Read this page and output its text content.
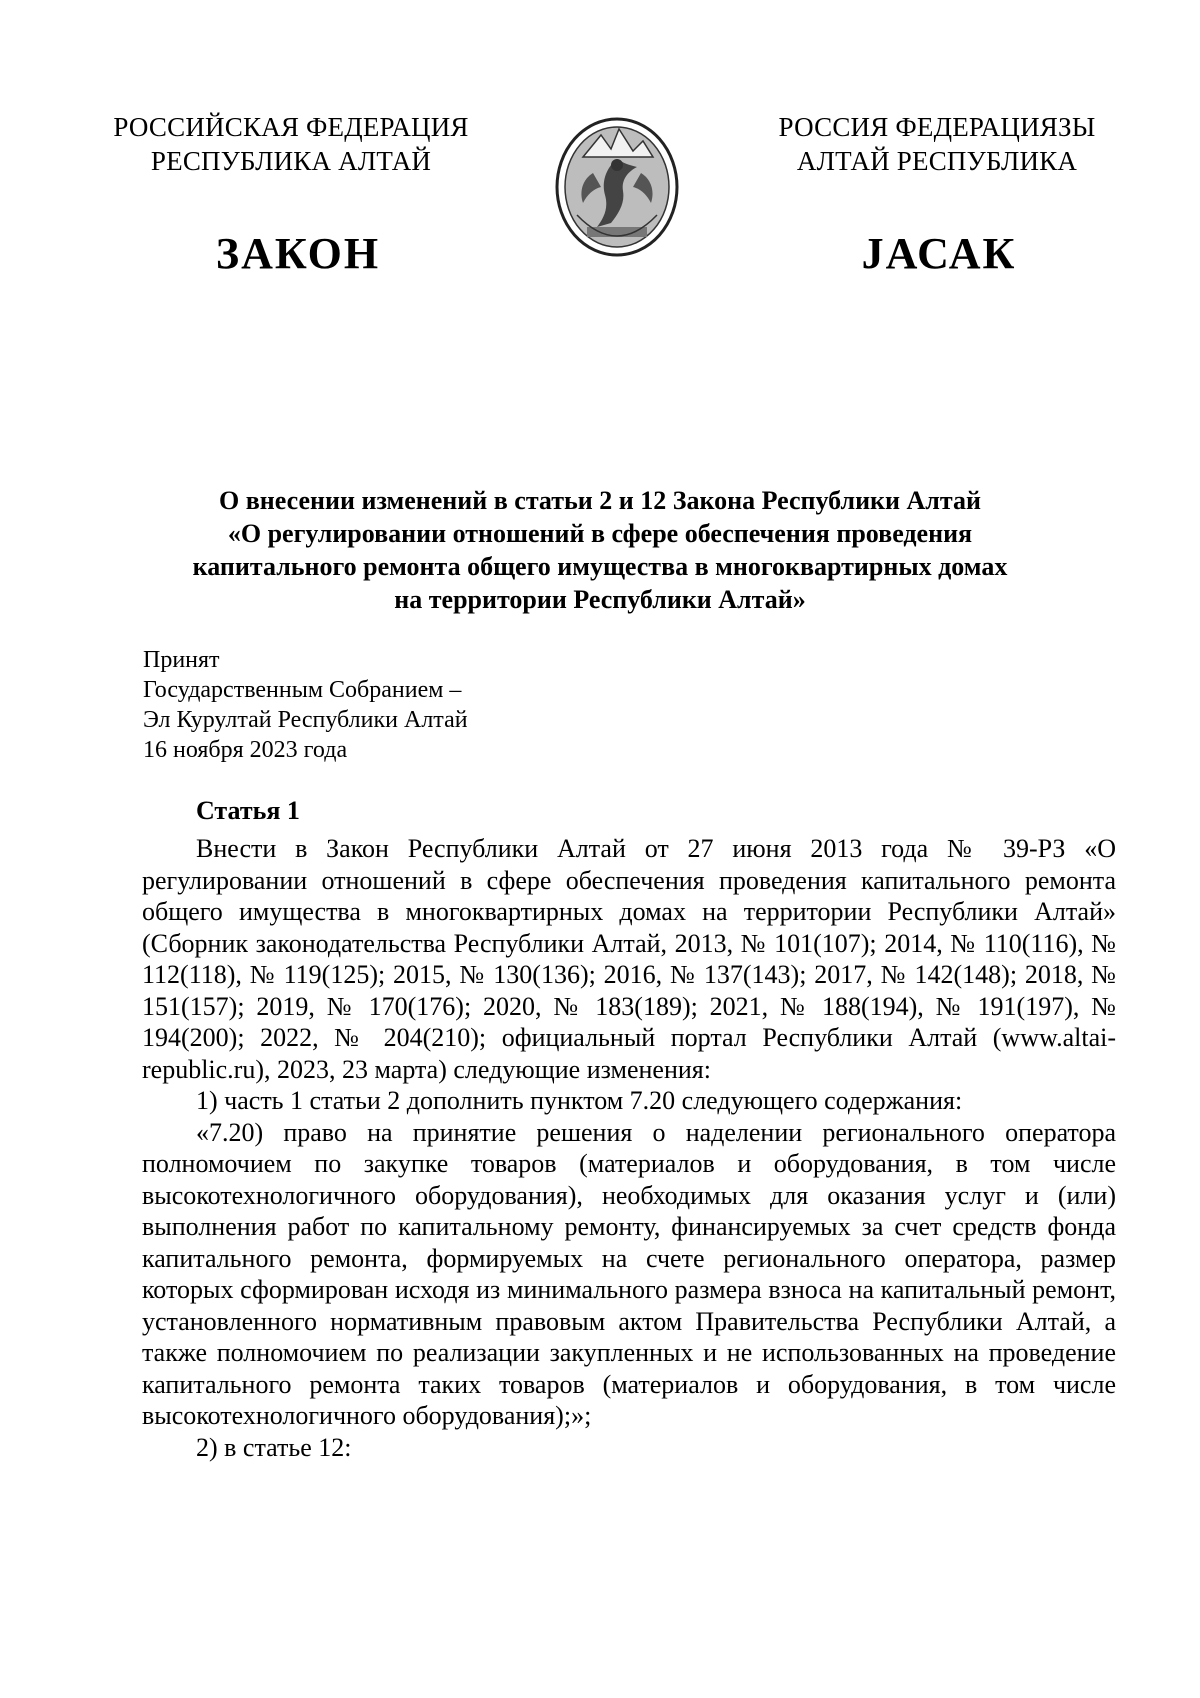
РОССИЙСКАЯ ФЕДЕРАЦИЯ
РЕСПУБЛИКА АЛТАЙ
РОССИЯ ФЕДЕРАЦИЯЗЫ
АЛТАЙ РЕСПУБЛИКА
ЗАКОН	JАСАК
О внесении изменений в статьи 2 и 12 Закона Республики Алтай
«О регулировании отношений в сфере обеспечения проведения
капитального ремонта общего имущества в многоквартирных домах
на территории Республики Алтай»
Принят
Государственным Собранием –
Эл Курултай Республики Алтай
16 ноября 2023 года
Статья 1

Внести в Закон Республики Алтай от 27 июня 2013 года № 39-РЗ «О регулировании отношений в сфере обеспечения проведения капитального ремонта общего имущества в многоквартирных домах на территории Республики Алтай» (Сборник законодательства Республики Алтай, 2013, № 101(107); 2014, № 110(116), № 112(118), № 119(125); 2015, № 130(136); 2016, № 137(143); 2017, № 142(148); 2018, № 151(157); 2019, № 170(176); 2020, № 183(189); 2021, № 188(194), № 191(197), № 194(200); 2022, № 204(210); официальный портал Республики Алтай (www.altai-republic.ru), 2023, 23 марта) следующие изменения:

1) часть 1 статьи 2 дополнить пунктом 7.20 следующего содержания:

«7.20) право на принятие решения о наделении регионального оператора полномочием по закупке товаров (материалов и оборудования, в том числе высокотехнологичного оборудования), необходимых для оказания услуг и (или) выполнения работ по капитальному ремонту, финансируемых за счет средств фонда капитального ремонта, формируемых на счете регионального оператора, размер которых сформирован исходя из минимального размера взноса на капитальный ремонт, установленного нормативным правовым актом Правительства Республики Алтай, а также полномочием по реализации закупленных и не использованных на проведение капитального ремонта таких товаров (материалов и оборудования, в том числе высокотехнологичного оборудования);»;

2) в статье 12:
